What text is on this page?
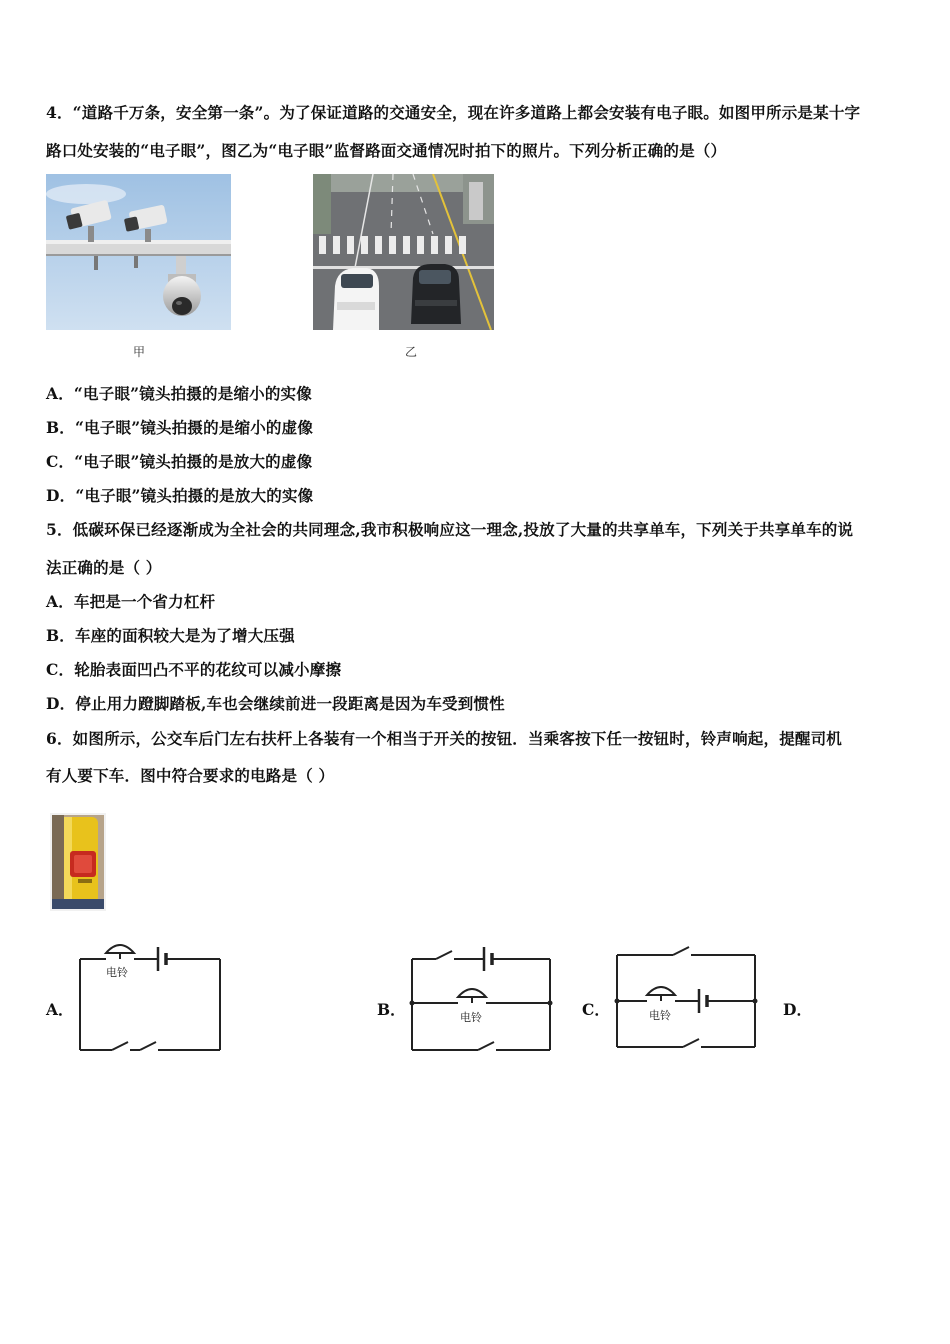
4．“道路千万条，安全第一条”。为了保证道路的交通安全，现在许多道路上都会安装有电子眼。如图甲所示是某十字
路口处安装的“电子眼”，图乙为“电子眼”监督路面交通情况时拍下的照片。下列分析正确的是（）
甲	乙
A．“电子眼”镜头拍摄的是缩小的实像
B．“电子眼”镜头拍摄的是缩小的虚像
C．“电子眼”镜头拍摄的是放大的虚像
D．“电子眼”镜头拍摄的是放大的实像
5．低碳环保已经逐渐成为全社会的共同理念,我市积极响应这一理念,投放了大量的共享单车，下列关于共享单车的说
法正确的是（ ）
A．车把是一个省力杠杆
B．车座的面积较大是为了增大压强
C．轮胎表面凹凸不平的花纹可以减小摩擦
D．停止用力蹬脚踏板,车也会继续前进一段距离是因为车受到惯性
6．如图所示，公交车后门左右扶杆上各装有一个相当于开关的按钮．当乘客按下任一按钮时，铃声响起，提醒司机
有人要下车．图中符合要求的电路是（ ）
A．
电铃
B．	电铃	C．	电铃	D．
